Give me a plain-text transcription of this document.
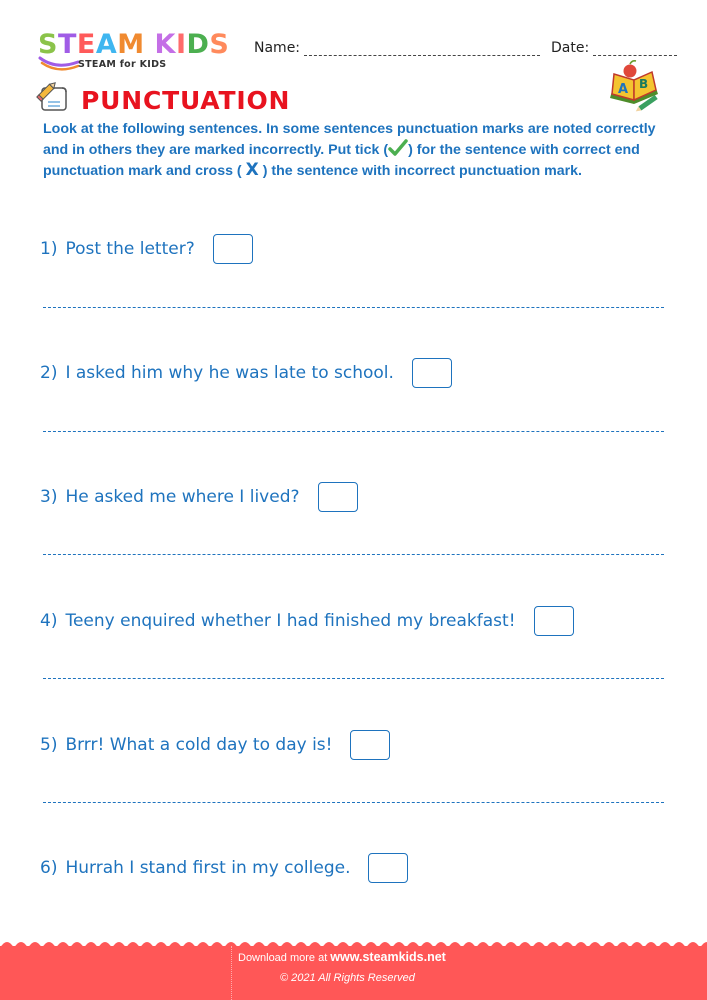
STEAM KIDS
STEAM for KIDS
Name:	Date:
PUNCTUATION	A B
Look at the following sentences. In some sentences punctuation marks are noted correctly and in others they are marked incorrectly. Put tick ( ) for the sentence with correct end punctuation mark and cross ( X ) the sentence with incorrect punctuation mark.
1) Post the letter?
2) I asked him why he was late to school.
3) He asked me where I lived?
4) Teeny enquired whether I had finished my breakfast!
5) Brrr! What a cold day to day is!
6) Hurrah I stand first in my college.
Download more at www.steamkids.net
© 2021 All Rights Reserved
